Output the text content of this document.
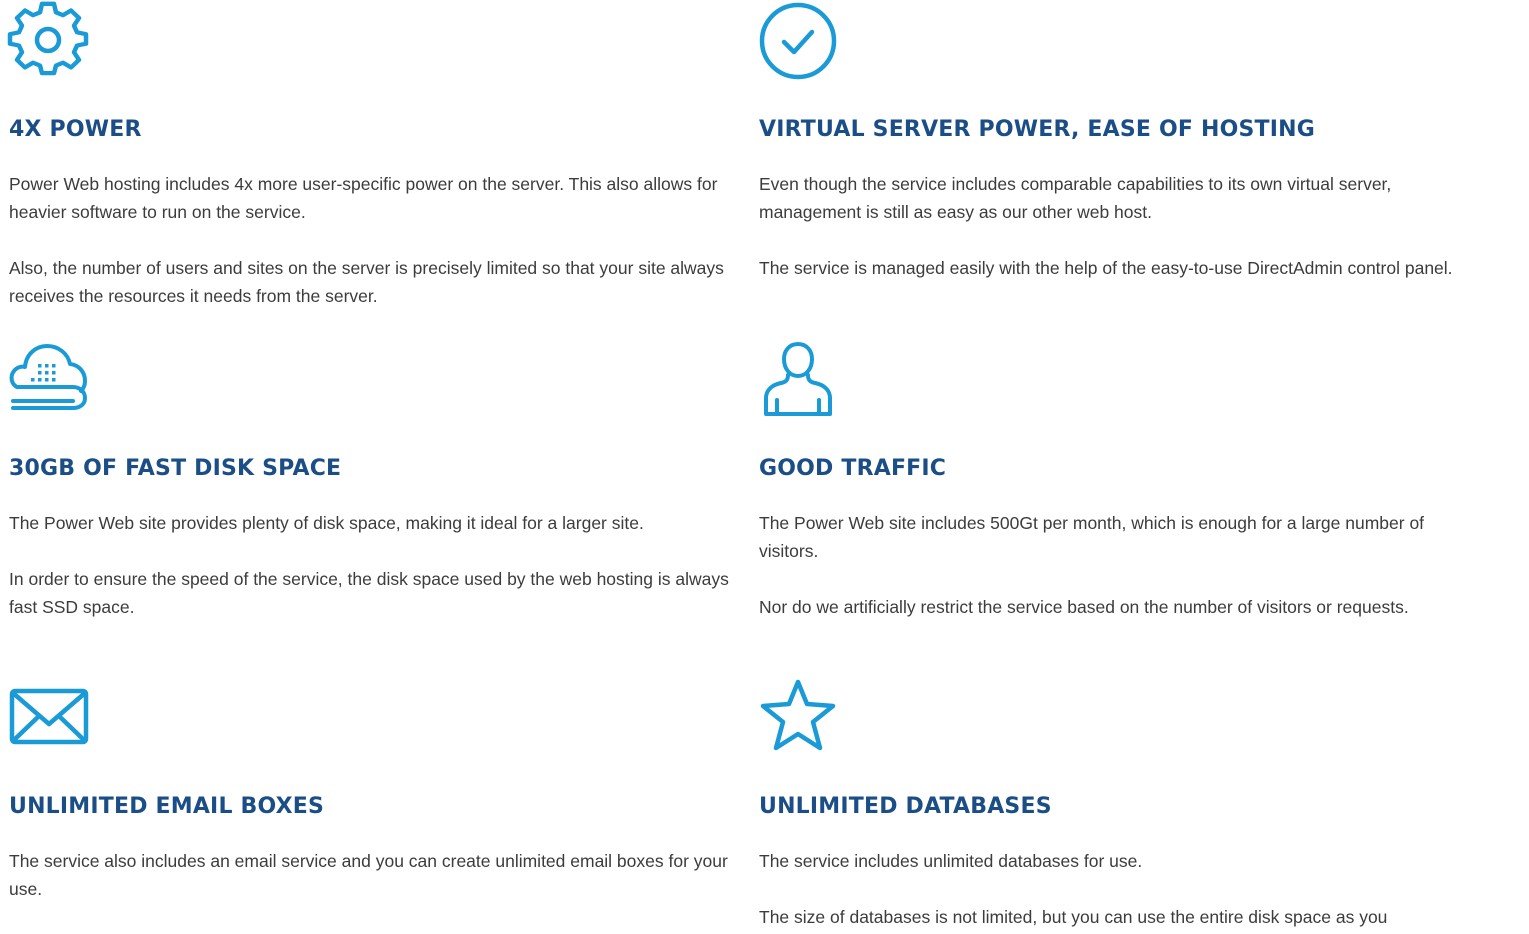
4X POWER

Power Web hosting includes 4x more user-specific power on the server. This also allows for heavier software to run on the service.

Also, the number of users and sites on the server is precisely limited so that your site always receives the resources it needs from the server.

VIRTUAL SERVER POWER, EASE OF HOSTING

Even though the service includes comparable capabilities to its own virtual server, management is still as easy as our other web host.

The service is managed easily with the help of the easy-to-use DirectAdmin control panel.

30GB OF FAST DISK SPACE

The Power Web site provides plenty of disk space, making it ideal for a larger site.

In order to ensure the speed of the service, the disk space used by the web hosting is always fast SSD space.

GOOD TRAFFIC

The Power Web site includes 500Gt per month, which is enough for a large number of visitors.

Nor do we artificially restrict the service based on the number of visitors or requests.

UNLIMITED EMAIL BOXES

The service also includes an email service and you can create unlimited email boxes for your use.

UNLIMITED DATABASES

The service includes unlimited databases for use.

The size of databases is not limited, but you can use the entire disk space as you
